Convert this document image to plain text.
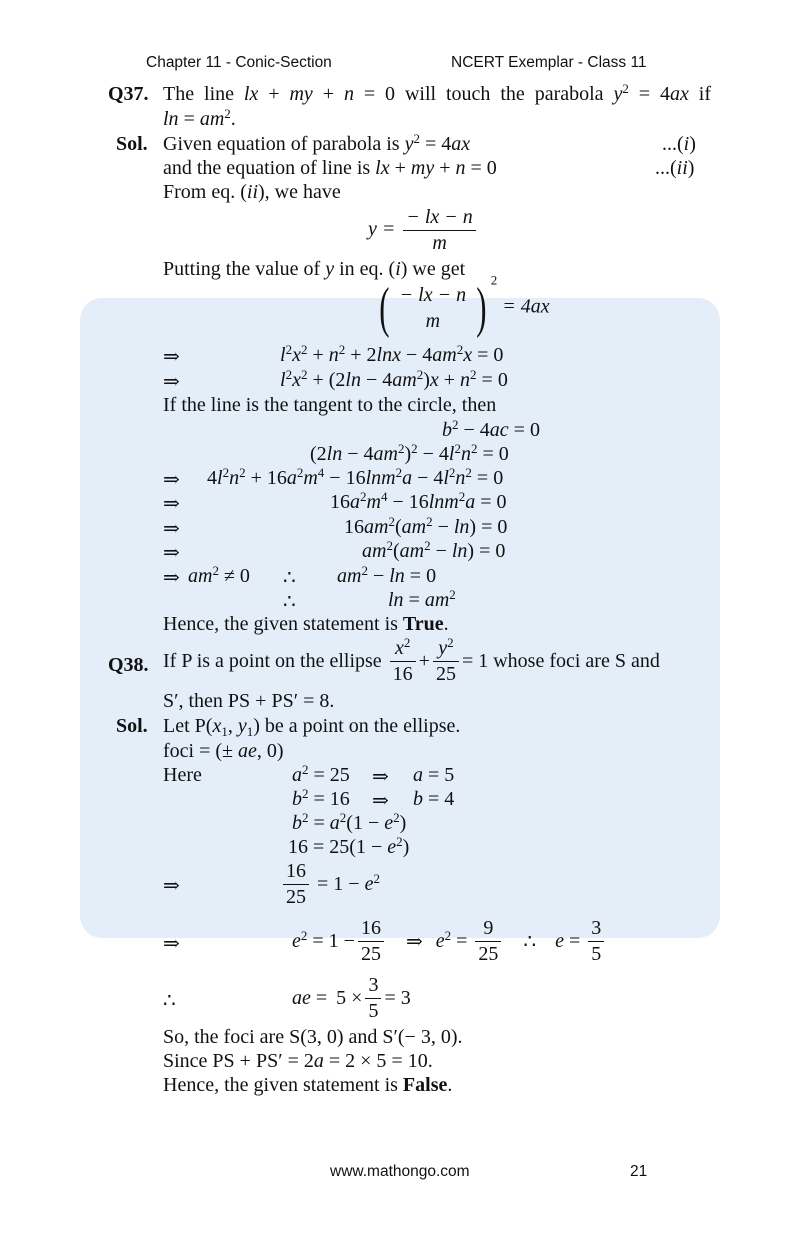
Chapter 11 - Conic-Section	NCERT Exemplar - Class 11
Q37. The line lx + my + n = 0 will touch the parabola $y^2 = 4ax$ if
$\ln = am^2$.
Sol. Given equation of parabola is $y^2 = 4ax$	...(i)
and the equation of line is lx + my + n = 0	...(ii)
From eq. (ii), we have
$y = \frac{- lx - n}{m}$
Putting the value of y in eq. (i) we get
( − lx − n
m ) $^2$ = 4ax
⇒	$l^2x^2 + n^2 + 2\ln x - 4am^2x = 0$
⇒	$l^2x^2 + (2\ln - 4am^2)x + n^2 = 0$
If the line is the tangent to the circle, then
$b^2 - 4ac = 0$
$(2\ln - 4am^2)^2 - 4l^2n^2 = 0$
⇒ $4l^2n^2 + 16a^2m^4 - 16\ln m^2a - 4l^2n^2 = 0$
⇒	$16a^2m^4 - 16\ln m^2a = 0$
⇒	$16am^2(am^2 - \ln) = 0$
⇒	$am^2(am^2 - \ln) = 0$
⇒ $am^2 \ne 0$ ∴ $am^2 - \ln = 0$
∴	$\ln = am^2$
Hence, the given statement is True.
Q38. If P is a point on the ellipse $\frac{x^2}{16} + \frac{y^2}{25} = 1$ whose foci are S and
S′, then PS + PS′ = 8.
Sol. Let $P(x_1$, $y_1$) be a point on the ellipse.
foci = (± ae, 0)
Here	$a^2 = 25$ ⇒ a = 5
$b^2 = 16$ ⇒ b = 4
$b^2 = a^2(1 - e^2)$
$16 = 25(1 - e^2)$
⇒	$\frac{16}{25} = 1 - e^2$
⇒	$e^2 = 1 - \frac{16}{25}$ ⇒ $e^2 = \frac{9}{25}$ ∴ $e = \frac{3}{5}$
∴	ae = $5 \times \frac{3}{5} = 3$
So, the foci are S(3, 0) and S′(− 3, 0).
Since PS + PS′ = 2a = 2 × 5 = 10.
Hence, the given statement is False.
www.mathongo.com	21
